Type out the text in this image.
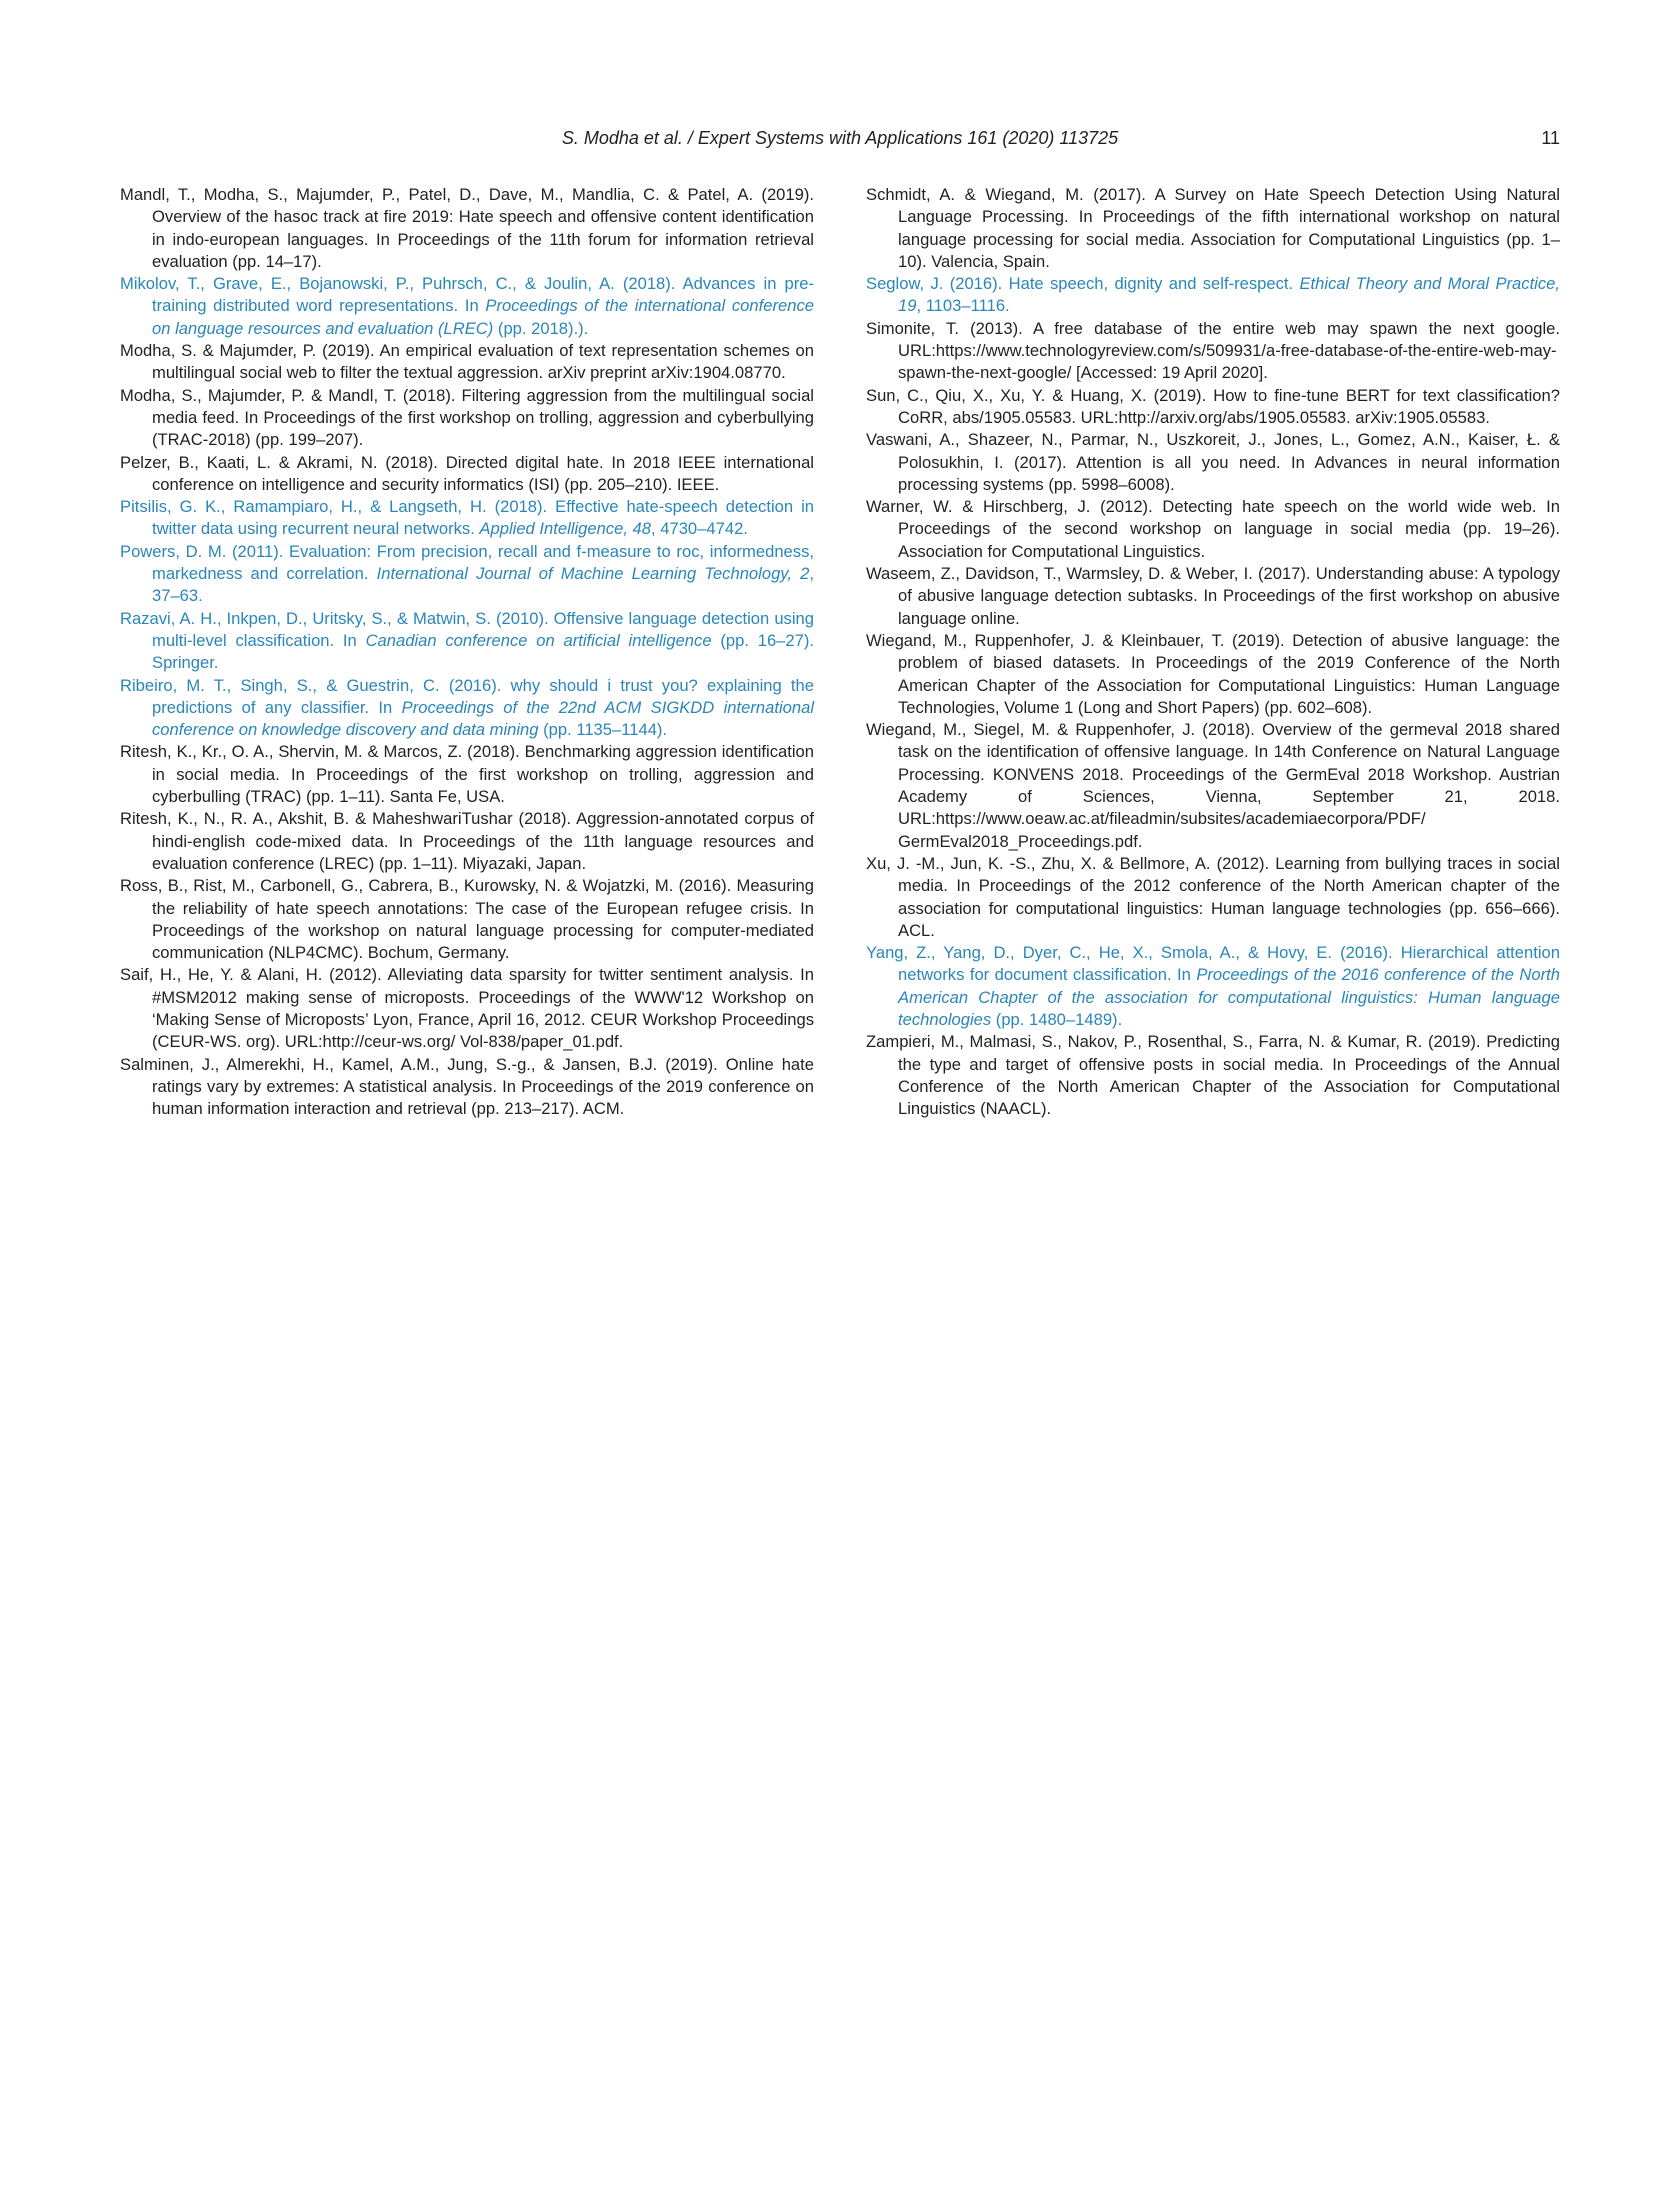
S. Modha et al. / Expert Systems with Applications 161 (2020) 113725	11

Mandl, T., Modha, S., Majumder, P., Patel, D., Dave, M., Mandlia, C. & Patel, A. (2019). Overview of the hasoc track at fire 2019: Hate speech and offensive content identification in indo-european languages. In Proceedings of the 11th forum for information retrieval evaluation (pp. 14–17).

Mikolov, T., Grave, E., Bojanowski, P., Puhrsch, C., & Joulin, A. (2018). Advances in pre-training distributed word representations. In Proceedings of the international conference on language resources and evaluation (LREC) (pp. 2018).).

Modha, S. & Majumder, P. (2019). An empirical evaluation of text representation schemes on multilingual social web to filter the textual aggression. arXiv preprint arXiv:1904.08770.

Modha, S., Majumder, P. & Mandl, T. (2018). Filtering aggression from the multilingual social media feed. In Proceedings of the first workshop on trolling, aggression and cyberbullying (TRAC-2018) (pp. 199–207).

Pelzer, B., Kaati, L. & Akrami, N. (2018). Directed digital hate. In 2018 IEEE international conference on intelligence and security informatics (ISI) (pp. 205–210). IEEE.

Pitsilis, G. K., Ramampiaro, H., & Langseth, H. (2018). Effective hate-speech detection in twitter data using recurrent neural networks. Applied Intelligence, 48, 4730–4742.

Powers, D. M. (2011). Evaluation: From precision, recall and f-measure to roc, informedness, markedness and correlation. International Journal of Machine Learning Technology, 2, 37–63.

Razavi, A. H., Inkpen, D., Uritsky, S., & Matwin, S. (2010). Offensive language detection using multi-level classification. In Canadian conference on artificial intelligence (pp. 16–27). Springer.

Ribeiro, M. T., Singh, S., & Guestrin, C. (2016). why should i trust you? explaining the predictions of any classifier. In Proceedings of the 22nd ACM SIGKDD international conference on knowledge discovery and data mining (pp. 1135–1144).

Ritesh, K., Kr., O. A., Shervin, M. & Marcos, Z. (2018). Benchmarking aggression identification in social media. In Proceedings of the first workshop on trolling, aggression and cyberbulling (TRAC) (pp. 1–11). Santa Fe, USA.

Ritesh, K., N., R. A., Akshit, B. & MaheshwariTushar (2018). Aggression-annotated corpus of hindi-english code-mixed data. In Proceedings of the 11th language resources and evaluation conference (LREC) (pp. 1–11). Miyazaki, Japan.

Ross, B., Rist, M., Carbonell, G., Cabrera, B., Kurowsky, N. & Wojatzki, M. (2016). Measuring the reliability of hate speech annotations: The case of the European refugee crisis. In Proceedings of the workshop on natural language processing for computer-mediated communication (NLP4CMC). Bochum, Germany.

Saif, H., He, Y. & Alani, H. (2012). Alleviating data sparsity for twitter sentiment analysis. In #MSM2012 making sense of microposts. Proceedings of the WWW'12 Workshop on ‘Making Sense of Microposts’ Lyon, France, April 16, 2012. CEUR Workshop Proceedings (CEUR-WS. org). URL:http://ceur-ws.org/ Vol-838/paper_01.pdf.

Salminen, J., Almerekhi, H., Kamel, A.M., Jung, S.-g., & Jansen, B.J. (2019). Online hate ratings vary by extremes: A statistical analysis. In Proceedings of the 2019 conference on human information interaction and retrieval (pp. 213–217). ACM.

Schmidt, A. & Wiegand, M. (2017). A Survey on Hate Speech Detection Using Natural Language Processing. In Proceedings of the fifth international workshop on natural language processing for social media. Association for Computational Linguistics (pp. 1–10). Valencia, Spain.

Seglow, J. (2016). Hate speech, dignity and self-respect. Ethical Theory and Moral Practice, 19, 1103–1116.

Simonite, T. (2013). A free database of the entire web may spawn the next google. URL:https://www.technologyreview.com/s/509931/a-free-database-of-the-entire-web-may-spawn-the-next-google/ [Accessed: 19 April 2020].

Sun, C., Qiu, X., Xu, Y. & Huang, X. (2019). How to fine-tune BERT for text classification? CoRR, abs/1905.05583. URL:http://arxiv.org/abs/1905.05583. arXiv:1905.05583.

Vaswani, A., Shazeer, N., Parmar, N., Uszkoreit, J., Jones, L., Gomez, A.N., Kaiser, Ł. & Polosukhin, I. (2017). Attention is all you need. In Advances in neural information processing systems (pp. 5998–6008).

Warner, W. & Hirschberg, J. (2012). Detecting hate speech on the world wide web. In Proceedings of the second workshop on language in social media (pp. 19–26). Association for Computational Linguistics.

Waseem, Z., Davidson, T., Warmsley, D. & Weber, I. (2017). Understanding abuse: A typology of abusive language detection subtasks. In Proceedings of the first workshop on abusive language online.

Wiegand, M., Ruppenhofer, J. & Kleinbauer, T. (2019). Detection of abusive language: the problem of biased datasets. In Proceedings of the 2019 Conference of the North American Chapter of the Association for Computational Linguistics: Human Language Technologies, Volume 1 (Long and Short Papers) (pp. 602–608).

Wiegand, M., Siegel, M. & Ruppenhofer, J. (2018). Overview of the germeval 2018 shared task on the identification of offensive language. In 14th Conference on Natural Language Processing. KONVENS 2018. Proceedings of the GermEval 2018 Workshop. Austrian Academy of Sciences, Vienna, September 21, 2018. URL:https://www.oeaw.ac.at/fileadmin/subsites/academiaecorpora/PDF/ GermEval2018_Proceedings.pdf.

Xu, J. -M., Jun, K. -S., Zhu, X. & Bellmore, A. (2012). Learning from bullying traces in social media. In Proceedings of the 2012 conference of the North American chapter of the association for computational linguistics: Human language technologies (pp. 656–666). ACL.

Yang, Z., Yang, D., Dyer, C., He, X., Smola, A., & Hovy, E. (2016). Hierarchical attention networks for document classification. In Proceedings of the 2016 conference of the North American Chapter of the association for computational linguistics: Human language technologies (pp. 1480–1489).

Zampieri, M., Malmasi, S., Nakov, P., Rosenthal, S., Farra, N. & Kumar, R. (2019). Predicting the type and target of offensive posts in social media. In Proceedings of the Annual Conference of the North American Chapter of the Association for Computational Linguistics (NAACL).
